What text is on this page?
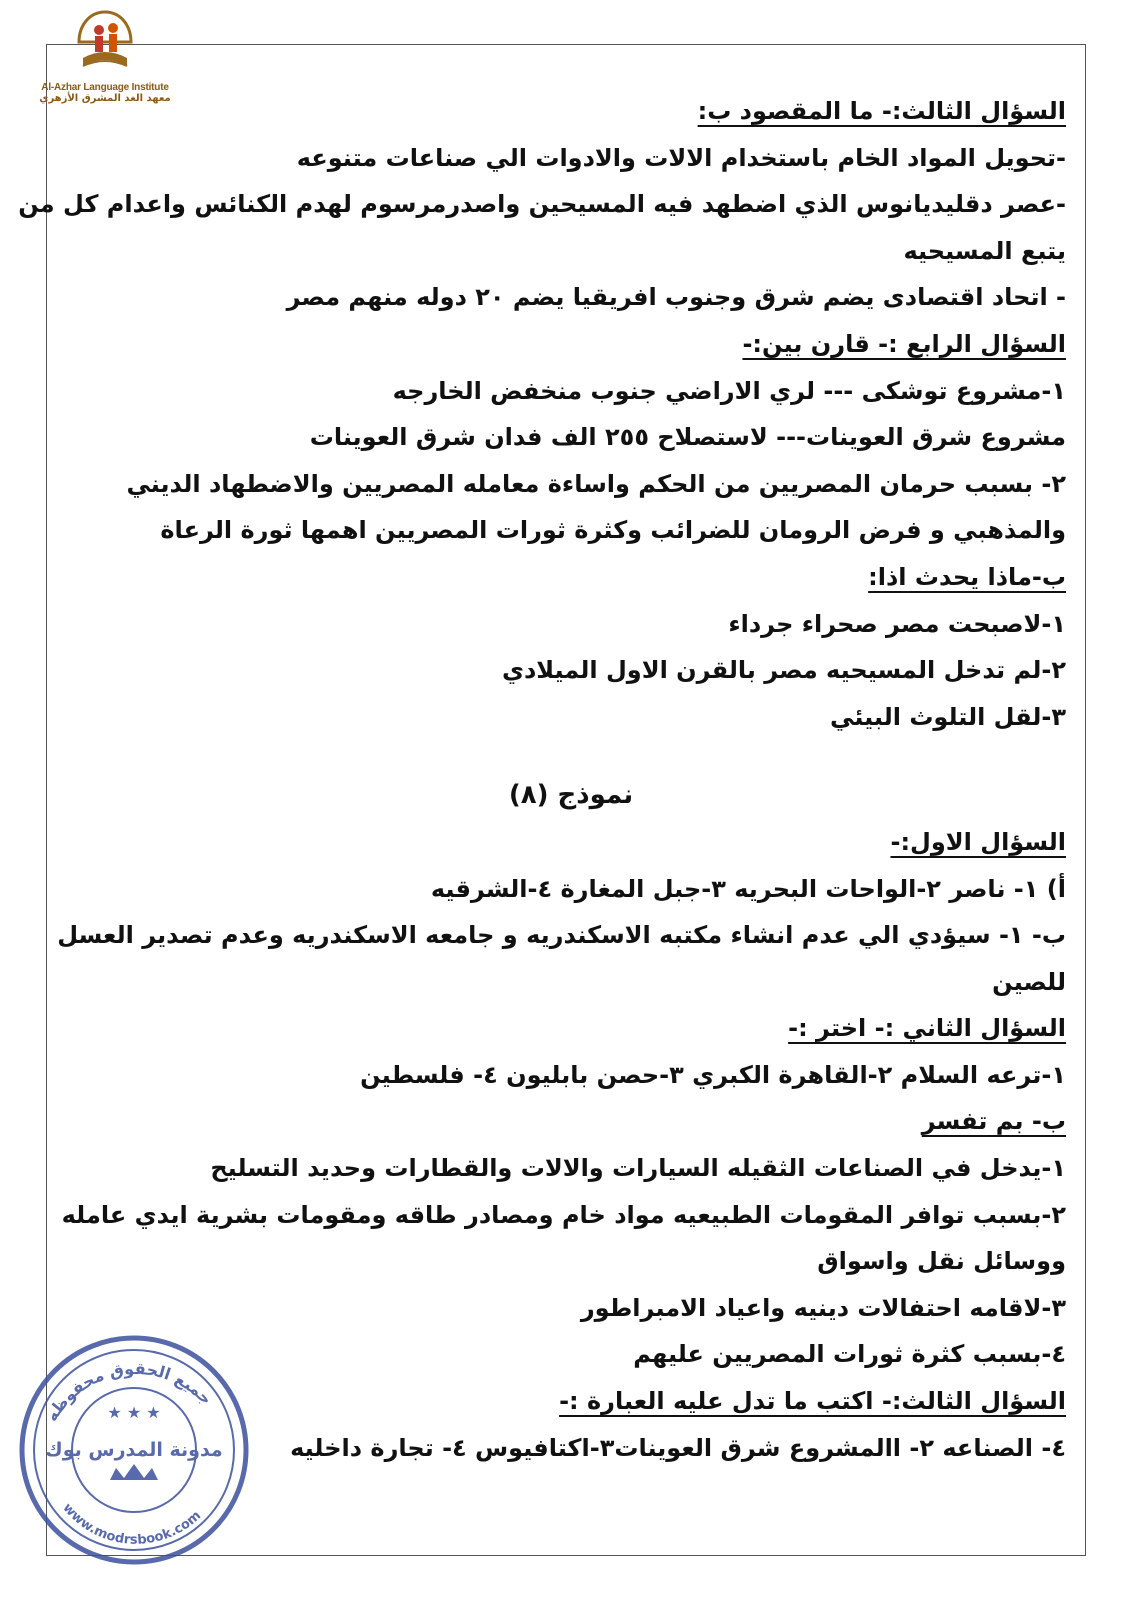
Al-Azhar Language Institute
معهد الغد المشرق الأزهري	السؤال الثالث:- ما المقصود ب:
-تحويل المواد الخام باستخدام الالات والادوات الي صناعات متنوعه
-عصر دقليديانوس الذي اضطهد فيه المسيحين واصدرمرسوم لهدم الكنائس واعدام كل من
يتبع المسيحيه
- اتحاد اقتصادى يضم شرق وجنوب افريقيا يضم ٢٠ دوله منهم مصر
السؤال الرابع :- قارن بين:-
١-مشروع توشكى --- لري الاراضي جنوب منخفض الخارجه
مشروع شرق العوينات--- لاستصلاح ٢٥٥ الف فدان شرق العوينات
٢- بسبب حرمان المصريين من الحكم واساءة معامله المصريين والاضطهاد الديني
والمذهبي و فرض الرومان للضرائب وكثرة ثورات المصريين اهمها ثورة الرعاة
ب-ماذا يحدث اذا:
١-لاصبحت مصر صحراء جرداء
٢-لم تدخل المسيحيه مصر بالقرن الاول الميلادي
٣-لقل التلوث البيئي
نموذج (٨)
السؤال الاول:-
أ) ١- ناصر ٢-الواحات البحريه ٣-جبل المغارة ٤-الشرقيه
ب- ١- سيؤدي الي عدم انشاء مكتبه الاسكندريه و جامعه الاسكندريه وعدم تصدير العسل
للصين
السؤال الثاني :- اختر :-
١-ترعه السلام ٢-القاهرة الكبري ٣-حصن بابليون ٤- فلسطين
ب- بم تفسر
١-يدخل في الصناعات الثقيله السيارات والالات والقطارات وحديد التسليح
٢-بسبب توافر المقومات الطبيعيه مواد خام ومصادر طاقه ومقومات بشرية ايدي عامله
ووسائل نقل واسواق
٣-لاقامه احتفالات دينيه واعياد الامبراطور
٤-بسبب كثرة ثورات المصريين عليهم
السؤال الثالث:- اكتب ما تدل عليه العبارة :-
٤- الصناعه ٢- االمشروع شرق العوينات٣-اكتافيوس ٤- تجارة داخليه
جميع الحقوق محفوظه
www.modrsbook.com
★ ★ ★
مدونة المدرس بوك
